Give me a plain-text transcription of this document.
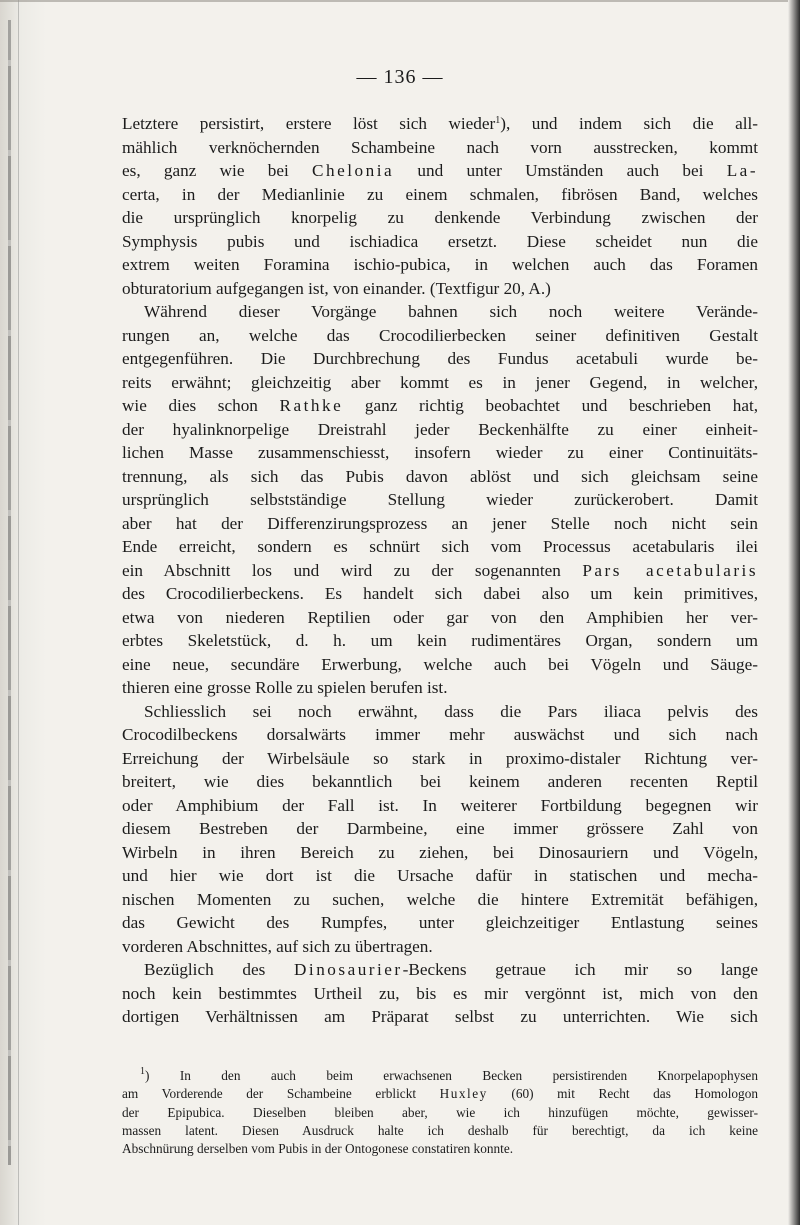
— 136 —
Letztere persistirt, erstere löst sich wieder$^1$), und indem sich die all-
mählich verknöchernden Schambeine nach vorn ausstrecken, kommt
es, ganz wie bei Chelonia und unter Umständen auch bei La-
certa, in der Medianlinie zu einem schmalen, fibrösen Band, welches
die ursprünglich knorpelig zu denkende Verbindung zwischen der
Symphysis pubis und ischiadica ersetzt. Diese scheidet nun die
extrem weiten Foramina ischio-pubica, in welchen auch das Foramen
obturatorium aufgegangen ist, von einander. (Textfigur 20, A.)
Während dieser Vorgänge bahnen sich noch weitere Verände-
rungen an, welche das Crocodilierbecken seiner definitiven Gestalt
entgegenführen. Die Durchbrechung des Fundus acetabuli wurde be-
reits erwähnt; gleichzeitig aber kommt es in jener Gegend, in welcher,
wie dies schon Rathke ganz richtig beobachtet und beschrieben hat,
der hyalinknorpelige Dreistrahl jeder Beckenhälfte zu einer einheit-
lichen Masse zusammenschiesst, insofern wieder zu einer Continuitäts-
trennung, als sich das Pubis davon ablöst und sich gleichsam seine
ursprünglich selbstständige Stellung wieder zurückerobert. Damit
aber hat der Differenzirungsprozess an jener Stelle noch nicht sein
Ende erreicht, sondern es schnürt sich vom Processus acetabularis ilei
ein Abschnitt los und wird zu der sogenannten Pars acetabularis
des Crocodilierbeckens. Es handelt sich dabei also um kein primitives,
etwa von niederen Reptilien oder gar von den Amphibien her ver-
erbtes Skeletstück, d. h. um kein rudimentäres Organ, sondern um
eine neue, secundäre Erwerbung, welche auch bei Vögeln und Säuge-
thieren eine grosse Rolle zu spielen berufen ist.
Schliesslich sei noch erwähnt, dass die Pars iliaca pelvis des
Crocodilbeckens dorsalwärts immer mehr auswächst und sich nach
Erreichung der Wirbelsäule so stark in proximo-distaler Richtung ver-
breitert, wie dies bekanntlich bei keinem anderen recenten Reptil
oder Amphibium der Fall ist. In weiterer Fortbildung begegnen wir
diesem Bestreben der Darmbeine, eine immer grössere Zahl von
Wirbeln in ihren Bereich zu ziehen, bei Dinosauriern und Vögeln,
und hier wie dort ist die Ursache dafür in statischen und mecha-
nischen Momenten zu suchen, welche die hintere Extremität befähigen,
das Gewicht des Rumpfes, unter gleichzeitiger Entlastung seines
vorderen Abschnittes, auf sich zu übertragen.
Bezüglich des Dinosaurier-Beckens getraue ich mir so lange
noch kein bestimmtes Urtheil zu, bis es mir vergönnt ist, mich von den
dortigen Verhältnissen am Präparat selbst zu unterrichten. Wie sich
$^1$) In den auch beim erwachsenen Becken persistirenden Knorpelapophysen
am Vorderende der Schambeine erblickt Huxley (60) mit Recht das Homologon
der Epipubica. Dieselben bleiben aber, wie ich hinzufügen möchte, gewisser-
massen latent. Diesen Ausdruck halte ich deshalb für berechtigt, da ich keine
Abschnürung derselben vom Pubis in der Ontogonese constatiren konnte.
